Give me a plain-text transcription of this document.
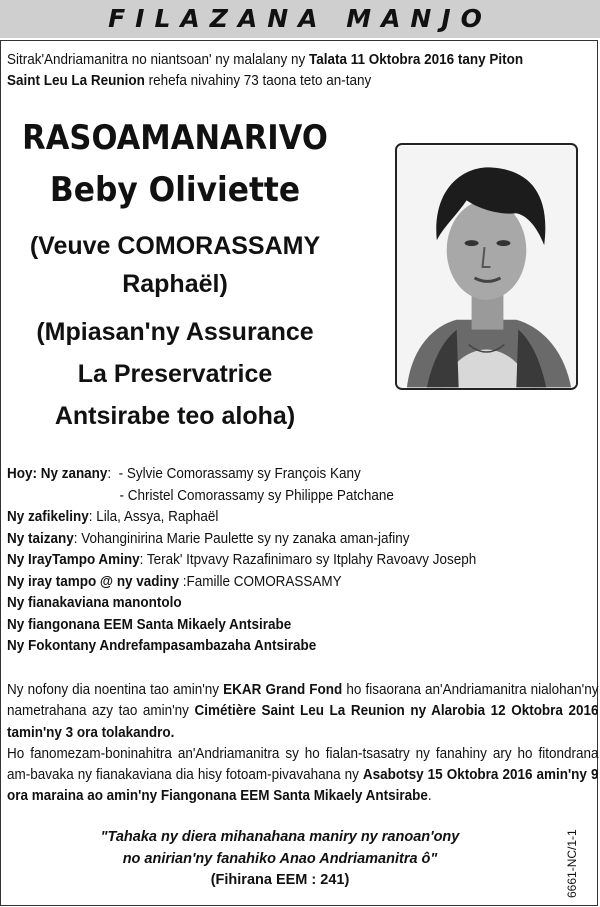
FILAZANA MANJO
Sitrak'Andriamanitra no niantsoan' ny malalany ny Talata 11 Oktobra 2016 tany Piton Saint Leu La Reunion rehefa nivahiny 73 taona teto an-tany
RASOAMANARIVO
Beby Oliviette
(Veuve COMORASSAMY
Raphaël)
(Mpiasan'ny Assurance
La Preservatrice
Antsirabe teo aloha)
Hoy: Ny zanany:  - Sylvie Comorassamy sy François Kany
- Christel Comorassamy sy Philippe Patchane
Ny zafikeliny: Lila, Assya, Raphaël
Ny taizany: Vohanginirina Marie Paulette sy ny zanaka aman-jafiny
Ny IrayTampo Aminy: Terak' Itpvavy Razafinimaro sy Itplahy Ravoavy Joseph
Ny iray tampo @ ny vadiny :Famille COMORASSAMY
Ny fianakaviana manontolo
Ny fiangonana EEM Santa Mikaely Antsirabe
Ny Fokontany Andrefampasambazaha Antsirabe
Ny nofony dia noentina tao amin'ny EKAR Grand Fond ho fisaorana an'Andriamanitra nialohan'ny nametrahana azy tao amin'ny Cimétière Saint Leu La Reunion ny Alarobia 12 Oktobra 2016 tamin'ny 3 ora tolakandro.
Ho fanomezam-boninahitra an'Andriamanitra sy ho fialan-tsasatry ny fanahiny ary ho fitondrana am-bavaka ny fianakaviana dia hisy fotoam-pivavahana ny Asabotsy 15 Oktobra 2016 amin'ny 9 ora maraina ao amin'ny Fiangonana EEM Santa Mikaely Antsirabe.
"Tahaka ny diera mihanahana maniry ny ranoan'ony
no anirian'ny fanahiko Anao Andriamanitra ô"
(Fihirana EEM : 241)	6661-NC/1-1
